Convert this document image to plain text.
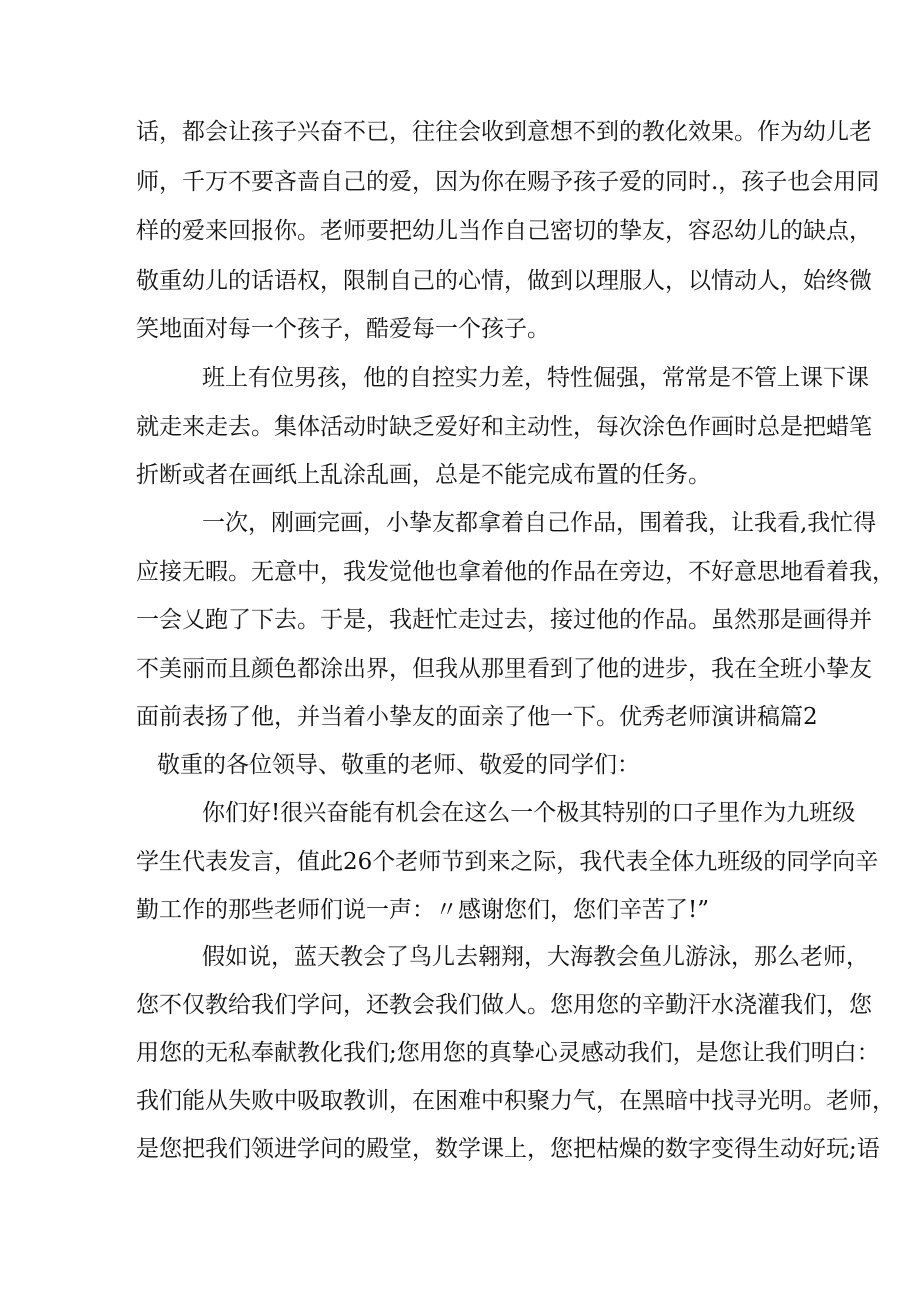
话，都会让孩子兴奋不已，往往会收到意想不到的教化效果。作为幼儿老
师，千万不要吝啬自己的爱，因为你在赐予孩子爱的同时.，孩子也会用同
样的爱来回报你。老师要把幼儿当作自己密切的挚友，容忍幼儿的缺点，
敬重幼儿的话语权，限制自己的心情，做到以理服人，以情动人，始终微
笑地面对每一个孩子，酷爱每一个孩子。
班上有位男孩，他的自控实力差，特性倔强，常常是不管上课下课
就走来走去。集体活动时缺乏爱好和主动性，每次涂色作画时总是把蜡笔
折断或者在画纸上乱涂乱画，总是不能完成布置的任务。
一次，刚画完画，小挚友都拿着自己作品，围着我，让我看,我忙得
应接无暇。无意中，我发觉他也拿着他的作品在旁边，不好意思地看着我，
一会乂跑了下去。于是，我赶忙走过去，接过他的作品。虽然那是画得并
不美丽而且颜色都涂出界，但我从那里看到了他的进步，我在全班小挚友
面前表扬了他，并当着小挚友的面亲了他一下。优秀老师演讲稿篇2
敬重的各位领导、敬重的老师、敬爱的同学们：
你们好!很兴奋能有机会在这么一个极其特别的口子里作为九班级
学生代表发言，值此26个老师节到来之际，我代表全体九班级的同学向辛
勤工作的那些老师们说一声：〃感谢您们，您们辛苦了!”
假如说，蓝天教会了鸟儿去翱翔，大海教会鱼儿游泳，那么老师，
您不仅教给我们学问，还教会我们做人。您用您的辛勤汗水浇灌我们，您
用您的无私奉献教化我们;您用您的真挚心灵感动我们，是您让我们明白：
我们能从失败中吸取教训，在困难中积聚力气，在黑暗中找寻光明。老师，
是您把我们领进学问的殿堂，数学课上，您把枯燥的数字变得生动好玩;语
